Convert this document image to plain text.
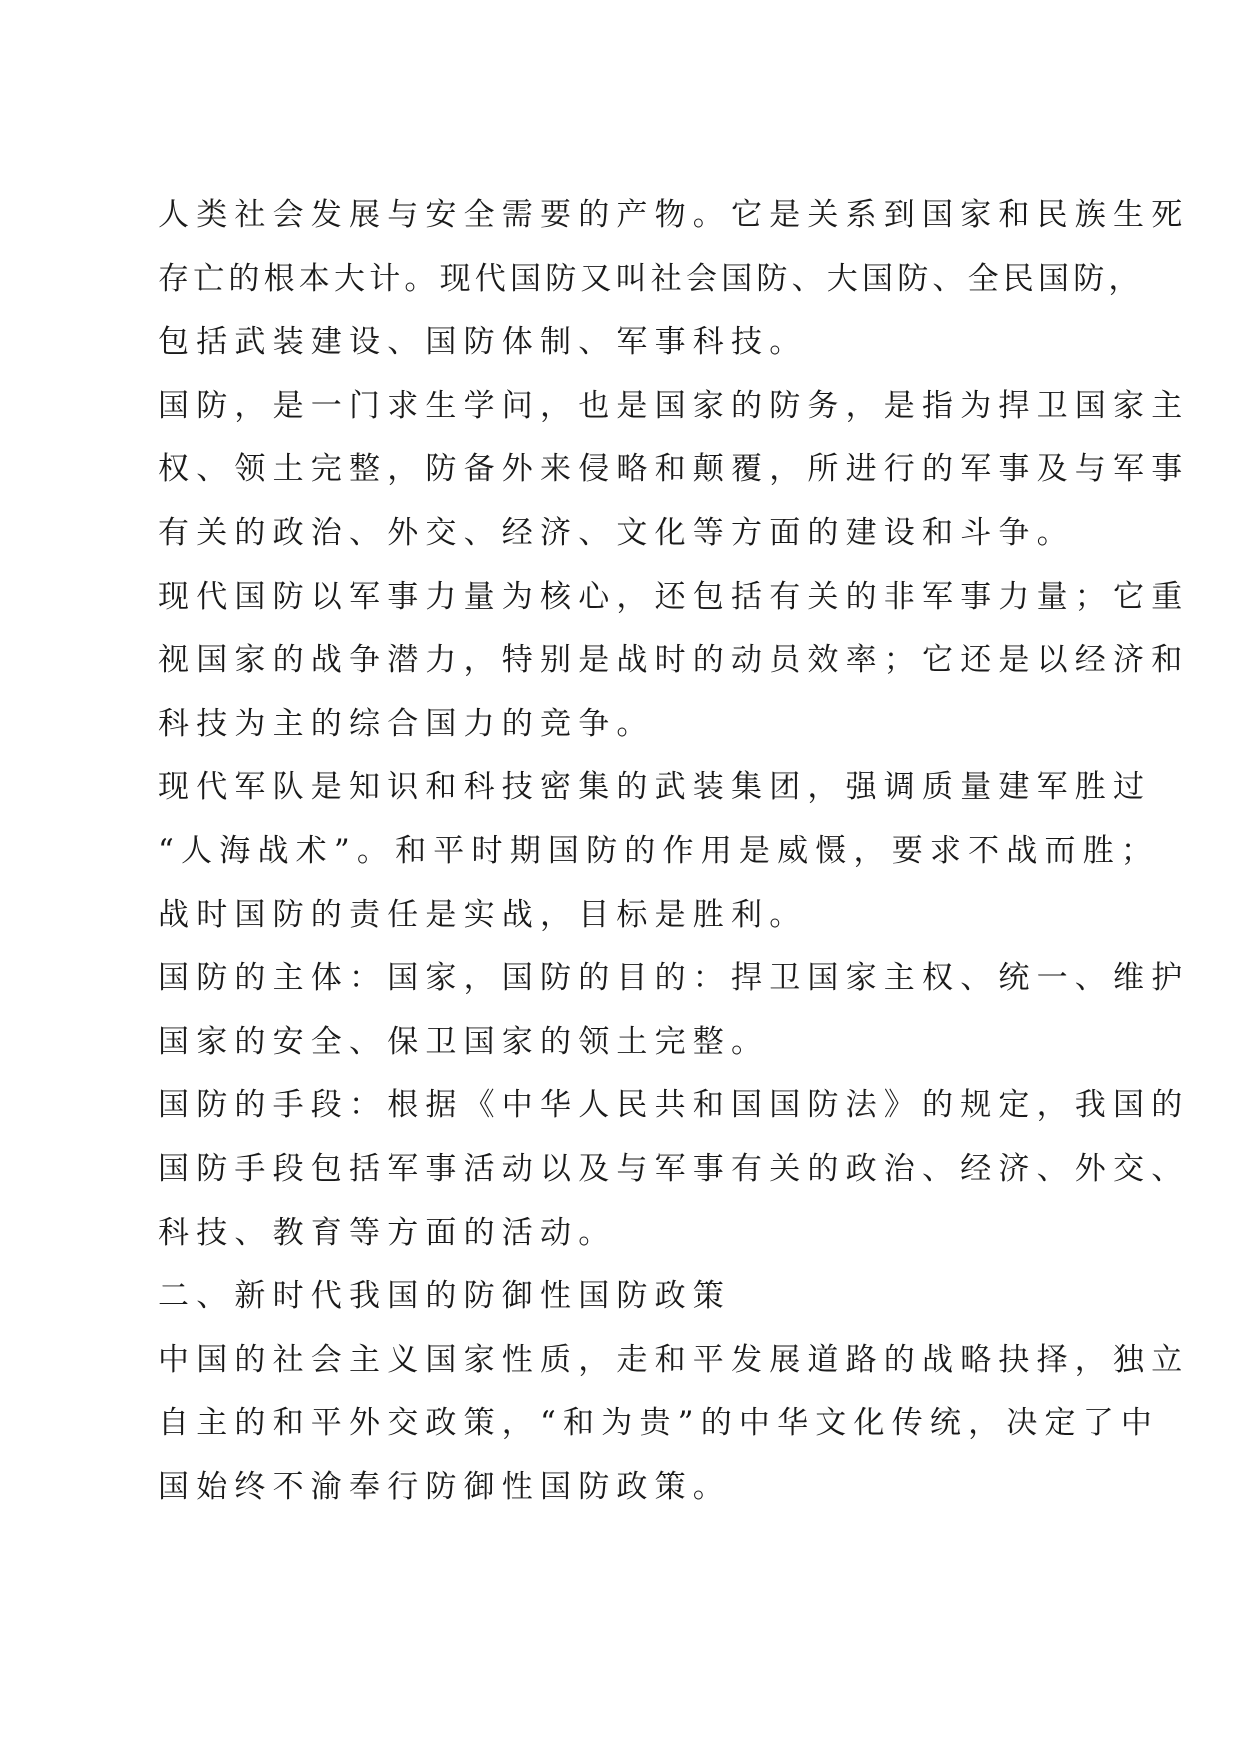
人类社会发展与安全需要的产物。它是关系到国家和民族生死
存亡的根本大计。现代国防又叫社会国防、大国防、全民国防，
包括武装建设、国防体制、军事科技。
国防，是一门求生学问，也是国家的防务，是指为捍卫国家主
权、领土完整，防备外来侵略和颠覆，所进行的军事及与军事
有关的政治、外交、经济、文化等方面的建设和斗争。
现代国防以军事力量为核心，还包括有关的非军事力量；它重
视国家的战争潜力，特别是战时的动员效率；它还是以经济和
科技为主的综合国力的竞争。
现代军队是知识和科技密集的武装集团，强调质量建军胜过
“人海战术”。和平时期国防的作用是威慑，要求不战而胜；
战时国防的责任是实战，目标是胜利。
国防的主体：国家，国防的目的：捍卫国家主权、统一、维护
国家的安全、保卫国家的领土完整。
国防的手段：根据《中华人民共和国国防法》的规定，我国的
国防手段包括军事活动以及与军事有关的政治、经济、外交、
科技、教育等方面的活动。
二、新时代我国的防御性国防政策
中国的社会主义国家性质，走和平发展道路的战略抉择，独立
自主的和平外交政策，“和为贵”的中华文化传统，决定了中
国始终不渝奉行防御性国防政策。
